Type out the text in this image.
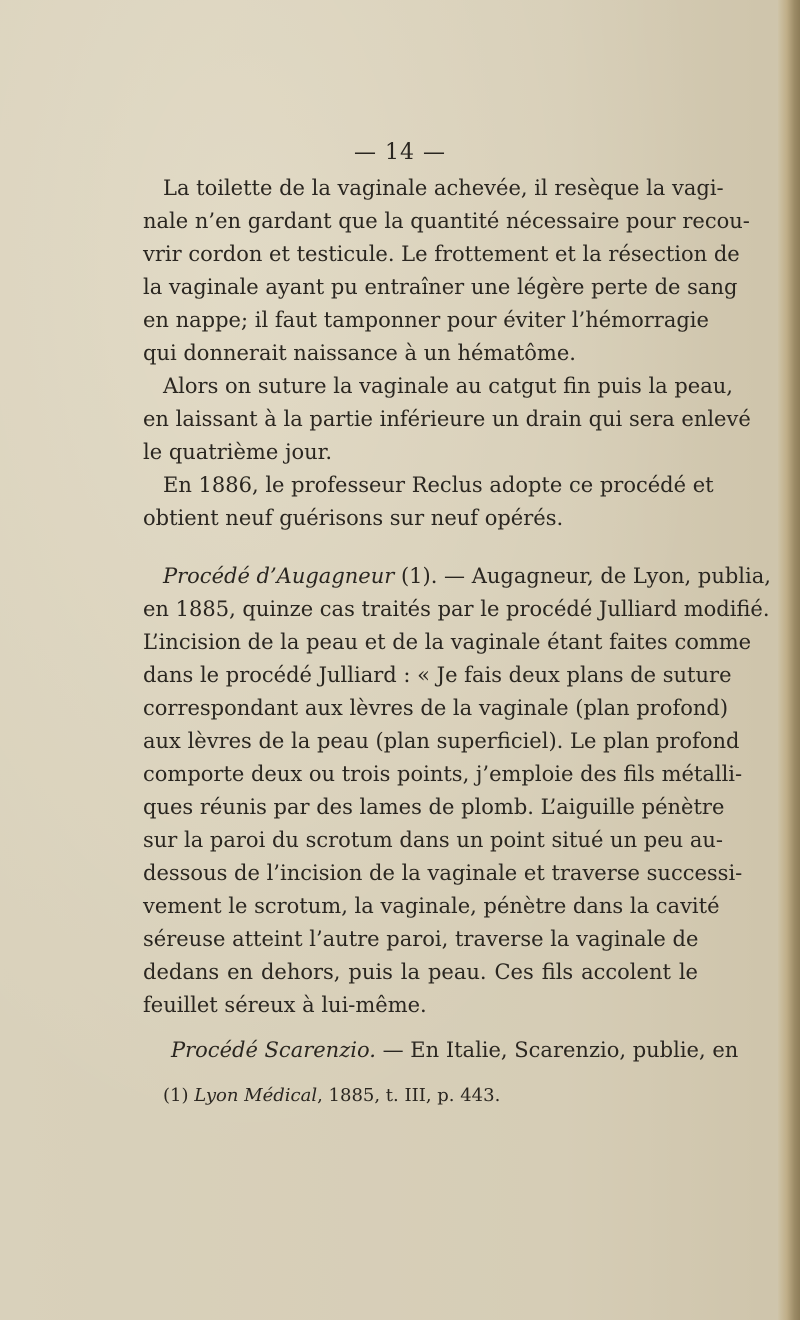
— 14 —
La toilette de la vaginale achevée, il resèque la vagi-
nale n’en gardant que la quantité nécessaire pour recou-
vrir cordon et testicule. Le frottement et la résection de
la vaginale ayant pu entraîner une légère perte de sang
en nappe; il faut tamponner pour éviter l’hémorragie
qui donnerait naissance à un hématôme.
Alors on suture la vaginale au catgut fin puis la peau,
en laissant à la partie inférieure un drain qui sera enlevé
le quatrième jour.
En 1886, le professeur Reclus adopte ce procédé et
obtient neuf guérisons sur neuf opérés.
Procédé d’Augagneur (1). — Augagneur, de Lyon, publia,
en 1885, quinze cas traités par le procédé Julliard modifié.
L’incision de la peau et de la vaginale étant faites comme
dans le procédé Julliard : « Je fais deux plans de suture
correspondant aux lèvres de la vaginale (plan profond)
aux lèvres de la peau (plan superficiel). Le plan profond
comporte deux ou trois points, j’emploie des fils métalli-
ques réunis par des lames de plomb. L’aiguille pénètre
sur la paroi du scrotum dans un point situé un peu au-
dessous de l’incision de la vaginale et traverse successi-
vement le scrotum, la vaginale, pénètre dans la cavité
séreuse atteint l’autre paroi, traverse la vaginale de
dedans en dehors, puis la peau. Ces fils accolent le
feuillet séreux à lui-même.
Procédé Scarenzio. — En Italie, Scarenzio, publie, en
(1) Lyon Médical, 1885, t. III, p. 443.
